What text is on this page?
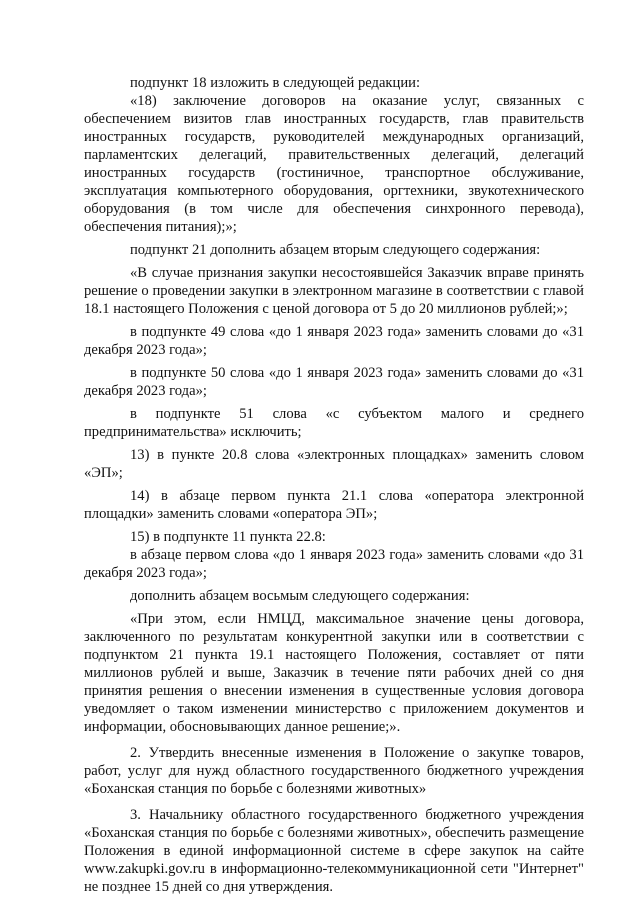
подпункт 18 изложить в следующей редакции:

«18) заключение договоров на оказание услуг, связанных с обеспечением визитов глав иностранных государств, глав правительств иностранных государств, руководителей международных организаций, парламентских делегаций, правительственных делегаций, делегаций иностранных государств (гостиничное, транспортное обслуживание, эксплуатация компьютерного оборудования, оргтехники, звукотехнического оборудования (в том числе для обеспечения синхронного перевода), обеспечения питания);»;

подпункт 21 дополнить абзацем вторым следующего содержания:

«В случае признания закупки несостоявшейся Заказчик вправе принять решение о проведении закупки в электронном магазине в соответствии с главой 18.1 настоящего Положения с ценой договора от 5 до 20 миллионов рублей;»;

в подпункте 49 слова «до 1 января 2023 года» заменить словами до «31 декабря 2023 года»;

в подпункте 50 слова «до 1 января 2023 года» заменить словами до «31 декабря 2023 года»;

в подпункте 51 слова «с субъектом малого и среднего предпринимательства» исключить;

13) в пункте 20.8 слова «электронных площадках» заменить словом «ЭП»;

14) в абзаце первом пункта 21.1 слова «оператора электронной площадки» заменить словами «оператора ЭП»;

15) в подпункте 11 пункта 22.8:

в абзаце первом слова «до 1 января 2023 года» заменить словами «до 31 декабря 2023 года»;

дополнить абзацем восьмым следующего содержания:

«При этом, если НМЦД, максимальное значение цены договора, заключенного по результатам конкурентной закупки или в соответствии с подпунктом 21 пункта 19.1 настоящего Положения, составляет от пяти миллионов рублей и выше, Заказчик в течение пяти рабочих дней со дня принятия решения о внесении изменения в существенные условия договора уведомляет о таком изменении министерство с приложением документов и информации, обосновывающих данное решение;».

2. Утвердить внесенные изменения в Положение о закупке товаров, работ, услуг для нужд областного государственного бюджетного учреждения «Боханская станция по борьбе с болезнями животных»

3. Начальнику областного государственного бюджетного учреждения «Боханская станция по борьбе с болезнями животных», обеспечить размещение Положения в единой информационной системе в сфере закупок на сайте www.zakupki.gov.ru в информационно-телекоммуникационной сети "Интернет" не позднее 15 дней со дня утверждения.
